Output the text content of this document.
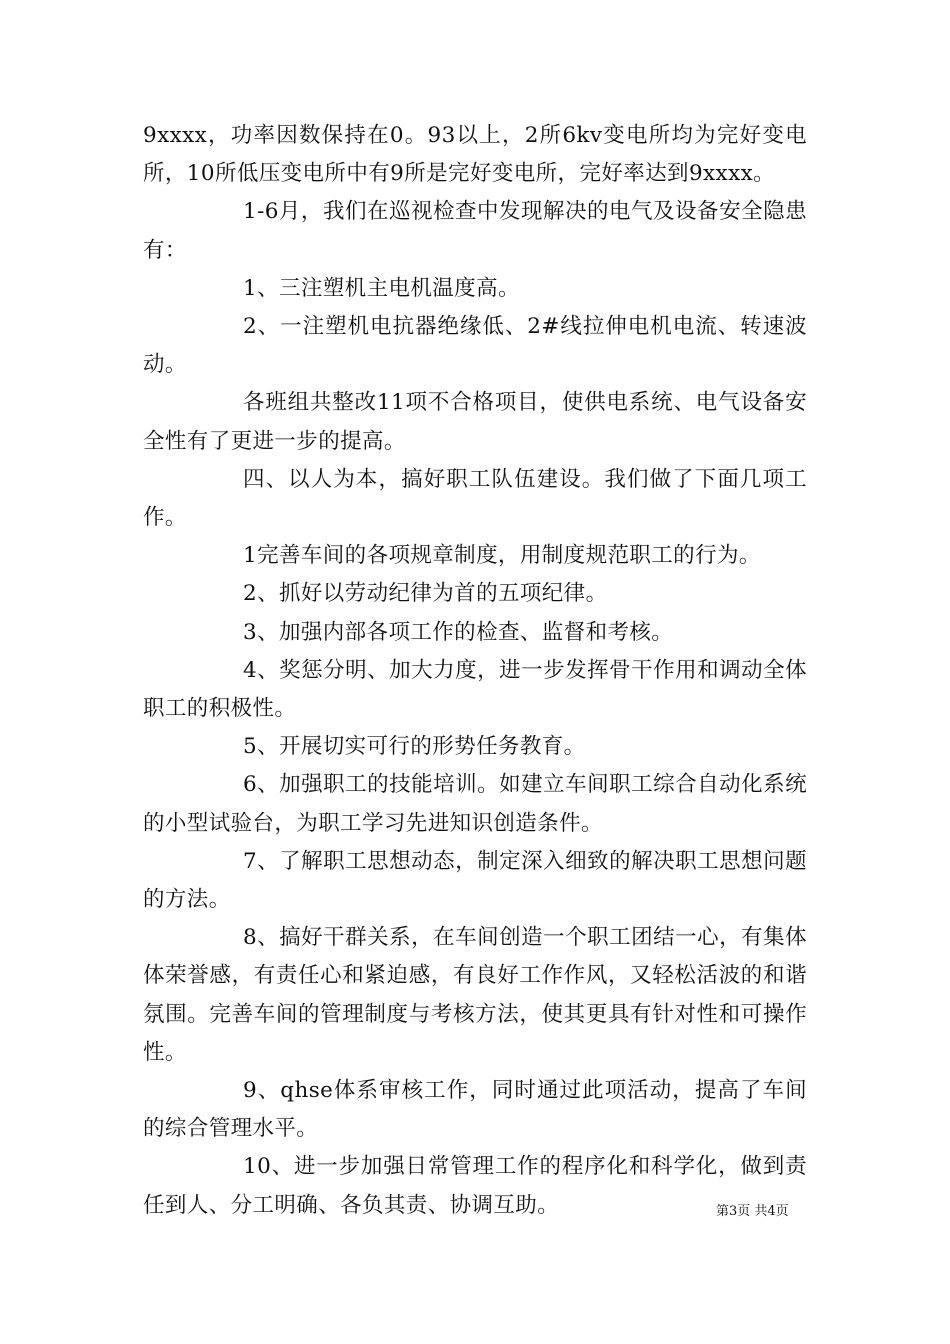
9xxxx，功率因数保持在0。93以上，2所6kv变电所均为完好变电所，10所低压变电所中有9所是完好变电所，完好率达到9xxxx。

1-6月，我们在巡视检查中发现解决的电气及设备安全隐患有：

1、三注塑机主电机温度高。

2、一注塑机电抗器绝缘低、2#线拉伸电机电流、转速波动。

各班组共整改11项不合格项目，使供电系统、电气设备安全性有了更进一步的提高。

四、以人为本，搞好职工队伍建设。我们做了下面几项工作。

1完善车间的各项规章制度，用制度规范职工的行为。

2、抓好以劳动纪律为首的五项纪律。

3、加强内部各项工作的检查、监督和考核。

4、奖惩分明、加大力度，进一步发挥骨干作用和调动全体职工的积极性。

5、开展切实可行的形势任务教育。

6、加强职工的技能培训。如建立车间职工综合自动化系统的小型试验台，为职工学习先进知识创造条件。

7、了解职工思想动态，制定深入细致的解决职工思想问题的方法。

8、搞好干群关系，在车间创造一个职工团结一心，有集体体荣誉感，有责任心和紧迫感，有良好工作作风，又轻松活波的和谐氛围。完善车间的管理制度与考核方法，使其更具有针对性和可操作性。

9、qhse体系审核工作，同时通过此项活动，提高了车间的综合管理水平。

10、进一步加强日常管理工作的程序化和科学化，做到责任到人、分工明确、各负其责、协调互助。	第3页 共4页
